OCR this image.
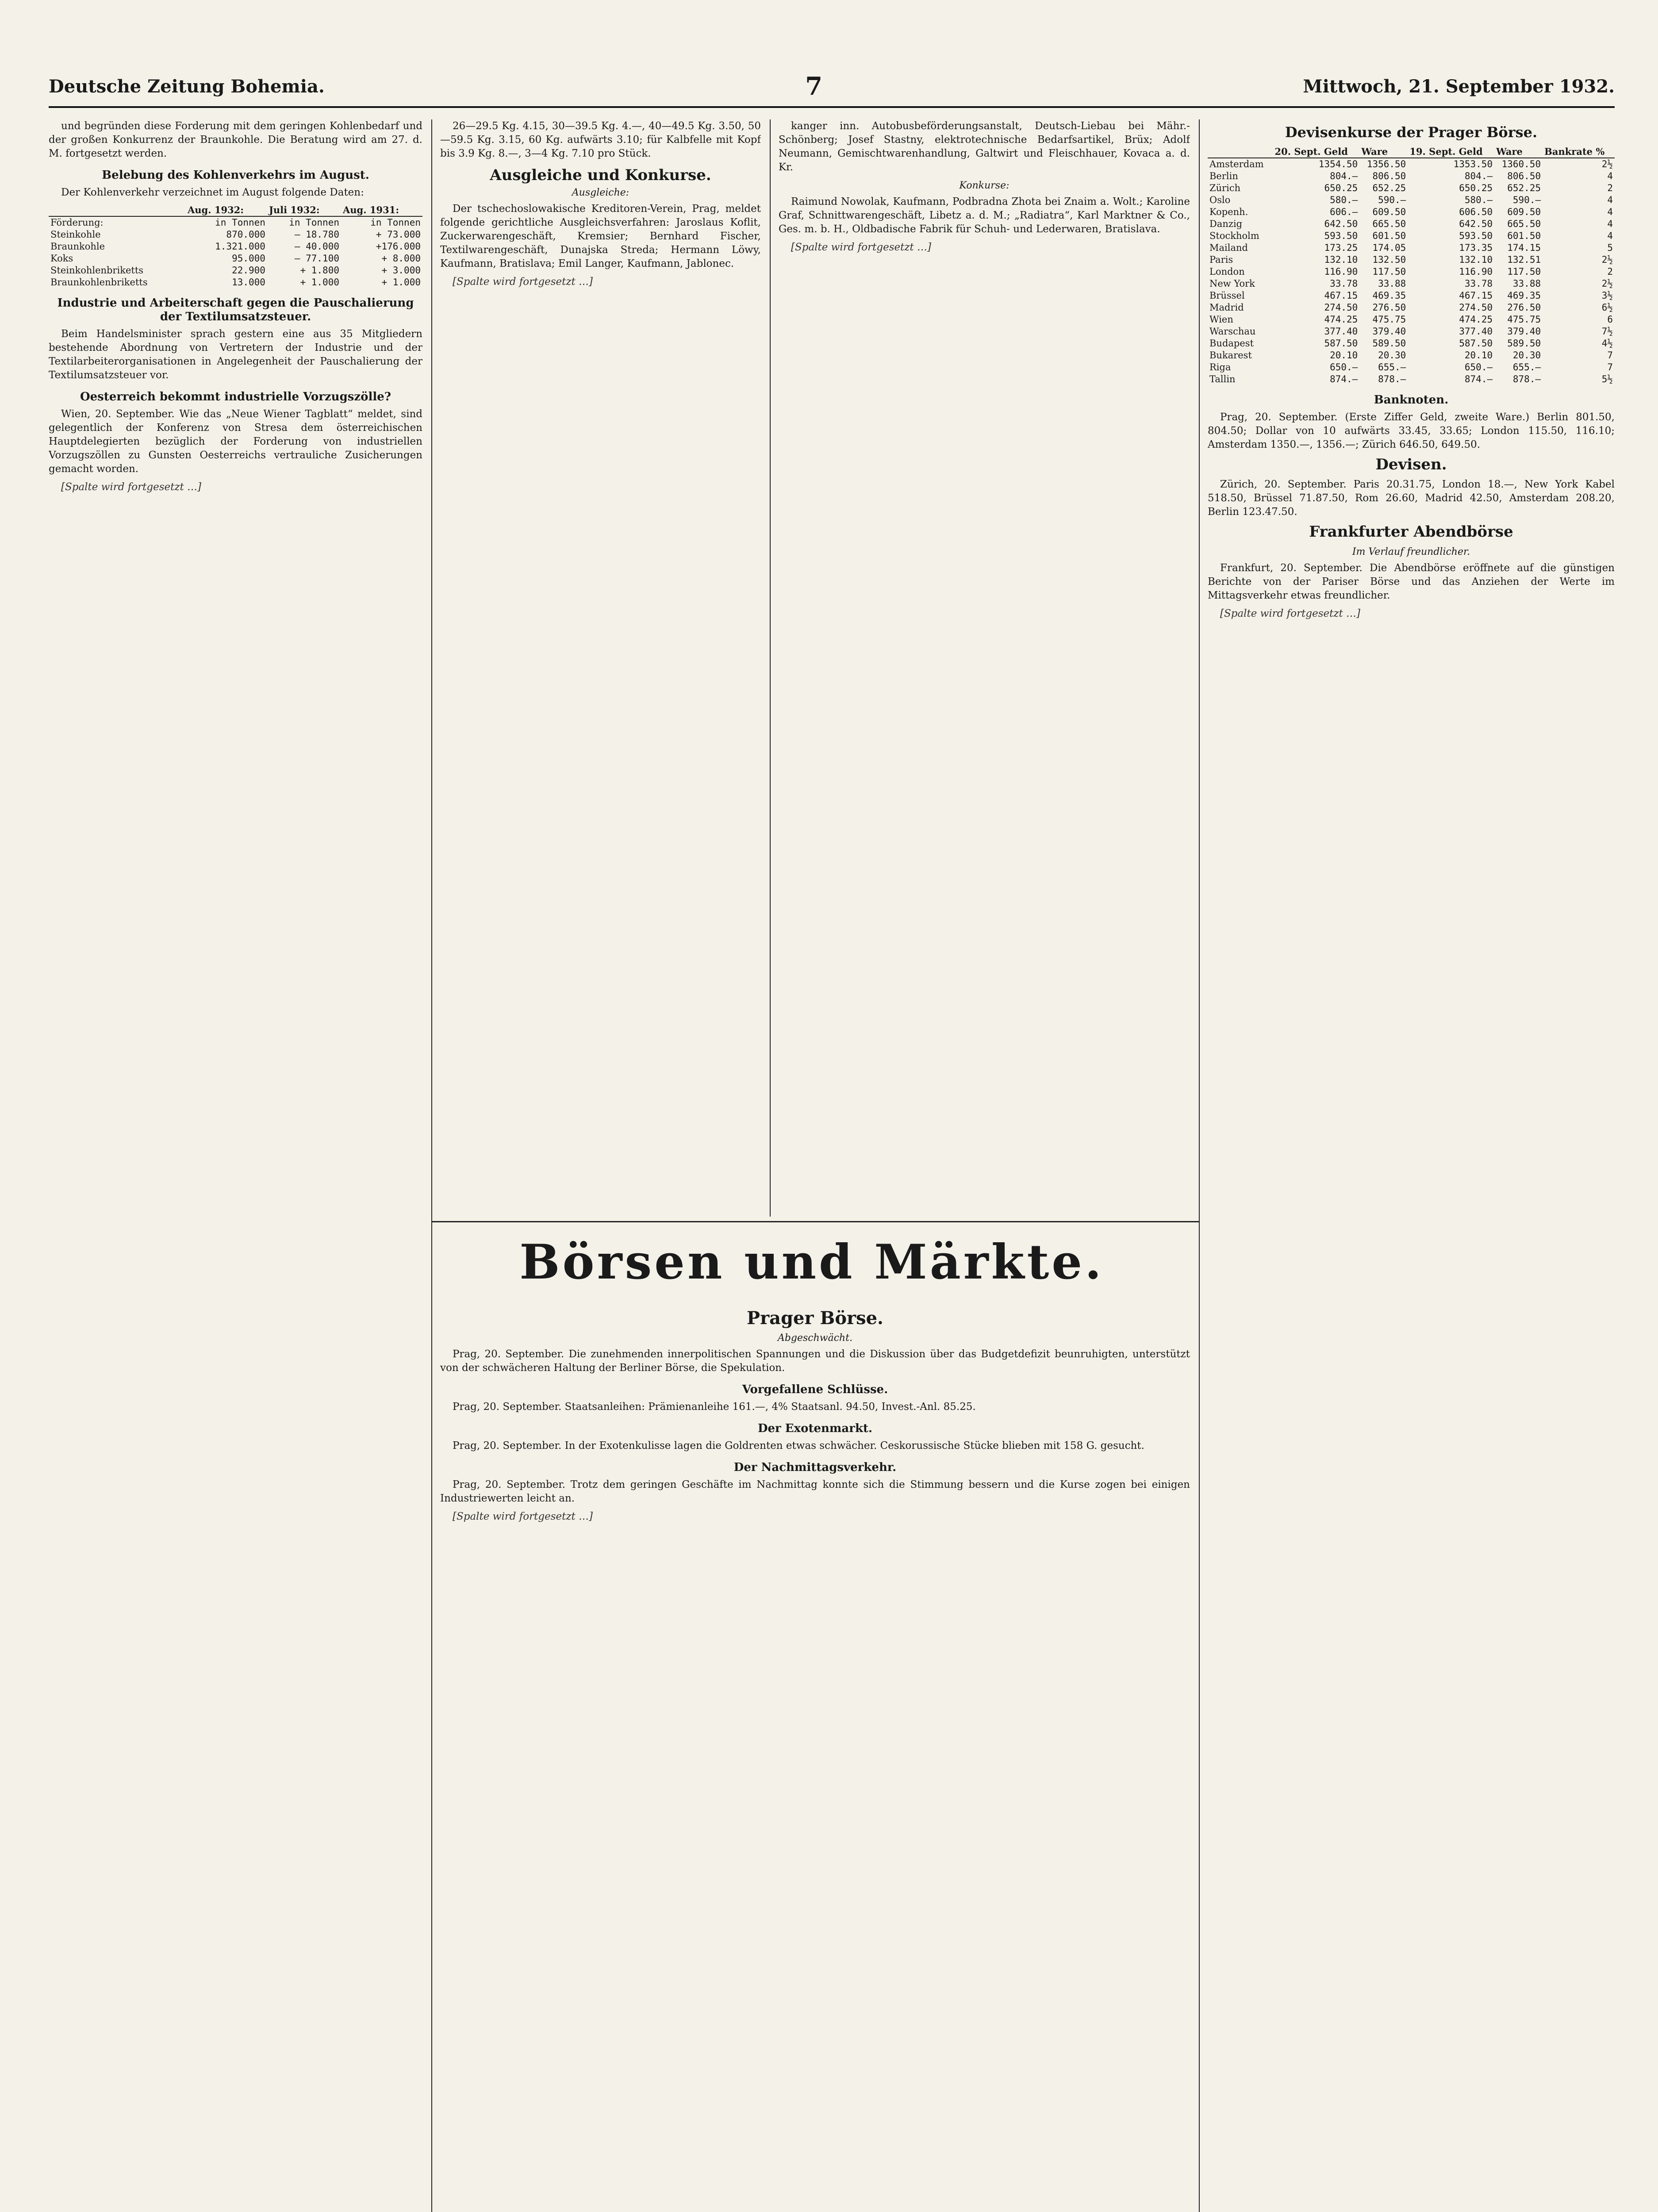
Deutsche Zeitung Bohemia.	7	Mittwoch, 21. September 1932.

und begründen diese Forderung mit dem geringen Kohlenbedarf und der großen Konkurrenz der Braunkohle. Die Beratung wird am 27. d. M. fortgesetzt werden.

Belebung des Kohlenverkehrs im August.

Der Kohlenverkehr verzeichnet im August folgende Daten:

	Aug. 1932:	Juli 1932:	Aug. 1931:
Förderung:	in Tonnen	in Tonnen	in Tonnen
Steinkohle	870.000	— 18.780	+ 73.000
Braunkohle	1.321.000	— 40.000	+176.000
Koks	95.000	— 77.100	+ 8.000
Steinkohlenbriketts	22.900	+ 1.800	+ 3.000
Braunkohlenbriketts	13.000	+ 1.000	+ 1.000
Industrie und Arbeiterschaft gegen die Pauschalierung der Textilumsatzsteuer.

Beim Handelsminister sprach gestern eine aus 35 Mitgliedern bestehende Abordnung von Vertretern der Industrie und der Textilarbeiterorganisationen in Angelegenheit der Pauschalierung der Textilumsatzsteuer vor.

Oesterreich bekommt industrielle Vorzugszölle?

Wien, 20. September. Wie das „Neue Wiener Tagblatt“ meldet, sind gelegentlich der Konferenz von Stresa dem österreichischen Hauptdelegierten bezüglich der Forderung von industriellen Vorzugszöllen zu Gunsten Oesterreichs vertrauliche Zusicherungen gemacht worden.

[Spalte wird fortgesetzt …]

26—29.5 Kg. 4.15, 30—39.5 Kg. 4.—, 40—49.5 Kg. 3.50, 50—59.5 Kg. 3.15, 60 Kg. aufwärts 3.10; für Kalbfelle mit Kopf bis 3.9 Kg. 8.—, 3—4 Kg. 7.10 pro Stück.

Ausgleiche und Konkurse.
Ausgleiche:

Der tschechoslowakische Kreditoren-Verein, Prag, meldet folgende gerichtliche Ausgleichsverfahren: Jaroslaus Koflit, Zuckerwarengeschäft, Kremsier; Bernhard Fischer, Textilwarengeschäft, Dunajska Streda; Hermann Löwy, Kaufmann, Bratislava; Emil Langer, Kaufmann, Jablonec.

[Spalte wird fortgesetzt …]

kanger inn. Autobusbeförderungsanstalt, Deutsch-Liebau bei Mähr.-Schönberg; Josef Stastny, elektrotechnische Bedarfsartikel, Brüx; Adolf Neumann, Gemischtwarenhandlung, Galtwirt und Fleischhauer, Kovaca a. d. Kr.

Konkurse:

Raimund Nowolak, Kaufmann, Podbradna Zhota bei Znaim a. Wolt.; Karoline Graf, Schnittwarengeschäft, Libetz a. d. M.; „Radiatra“, Karl Marktner & Co., Ges. m. b. H., Oldbadische Fabrik für Schuh- und Lederwaren, Bratislava.

[Spalte wird fortgesetzt …]

Börsen und Märkte.
Prager Börse.
Abgeschwächt.

Prag, 20. September. Die zunehmenden innerpolitischen Spannungen und die Diskussion über das Budgetdefizit beunruhigten, unterstützt von der schwächeren Haltung der Berliner Börse, die Spekulation.

Vorgefallene Schlüsse.

Prag, 20. September. Staatsanleihen: Prämienanleihe 161.—, 4% Staatsanl. 94.50, Invest.-Anl. 85.25.

Der Exotenmarkt.

Prag, 20. September. In der Exotenkulisse lagen die Goldrenten etwas schwächer. Ceskorussische Stücke blieben mit 158 G. gesucht.

Der Nachmittagsverkehr.

Prag, 20. September. Trotz dem geringen Geschäfte im Nachmittag konnte sich die Stimmung bessern und die Kurse zogen bei einigen Industriewerten leicht an.

[Spalte wird fortgesetzt …]

Devisenkurse der Prager Börse.
	20. Sept. Geld	Ware	19. Sept. Geld	Ware	Bankrate %
Amsterdam	1354.50	1356.50	1353.50	1360.50	2½
Berlin	804.—	806.50	804.—	806.50	4
Zürich	650.25	652.25	650.25	652.25	2
Oslo	580.—	590.—	580.—	590.—	4
Kopenh.	606.—	609.50	606.50	609.50	4
Danzig	642.50	665.50	642.50	665.50	4
Stockholm	593.50	601.50	593.50	601.50	4
Mailand	173.25	174.05	173.35	174.15	5
Paris	132.10	132.50	132.10	132.51	2½
London	116.90	117.50	116.90	117.50	2
New York	33.78	33.88	33.78	33.88	2½
Brüssel	467.15	469.35	467.15	469.35	3½
Madrid	274.50	276.50	274.50	276.50	6½
Wien	474.25	475.75	474.25	475.75	6
Warschau	377.40	379.40	377.40	379.40	7½
Budapest	587.50	589.50	587.50	589.50	4½
Bukarest	20.10	20.30	20.10	20.30	7
Riga	650.—	655.—	650.—	655.—	7
Tallin	874.—	878.—	874.—	878.—	5½
Banknoten.

Prag, 20. September. (Erste Ziffer Geld, zweite Ware.) Berlin 801.50, 804.50; Dollar von 10 aufwärts 33.45, 33.65; London 115.50, 116.10; Amsterdam 1350.—, 1356.—; Zürich 646.50, 649.50.

Devisen.

Zürich, 20. September. Paris 20.31.75, London 18.—, New York Kabel 518.50, Brüssel 71.87.50, Rom 26.60, Madrid 42.50, Amsterdam 208.20, Berlin 123.47.50.

Frankfurter Abendbörse
Im Verlauf freundlicher.

Frankfurt, 20. September. Die Abendbörse eröffnete auf die günstigen Berichte von der Pariser Börse und das Anziehen der Werte im Mittagsverkehr etwas freundlicher.

[Spalte wird fortgesetzt …]
